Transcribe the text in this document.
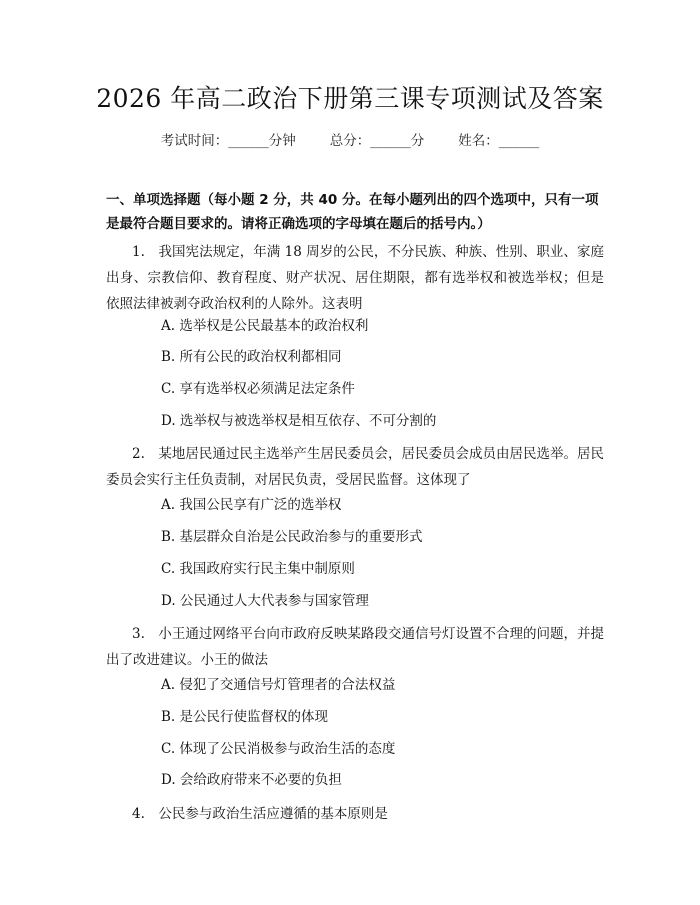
2026 年高二政治下册第三课专项测试及答案
考试时间：______分钟	总分：______分	姓名：______
一、单项选择题（每小题 2 分，共 40 分。在每小题列出的四个选项中，只有一项是最符合题目要求的。请将正确选项的字母填在题后的括号内。）
1.　我国宪法规定，年满 18 周岁的公民，不分民族、种族、性别、职业、家庭出身、宗教信仰、教育程度、财产状况、居住期限，都有选举权和被选举权；但是依照法律被剥夺政治权利的人除外。这表明
A. 选举权是公民最基本的政治权利
B. 所有公民的政治权利都相同
C. 享有选举权必须满足法定条件
D. 选举权与被选举权是相互依存、不可分割的
2.　某地居民通过民主选举产生居民委员会，居民委员会成员由居民选举。居民委员会实行主任负责制，对居民负责，受居民监督。这体现了
A. 我国公民享有广泛的选举权
B. 基层群众自治是公民政治参与的重要形式
C. 我国政府实行民主集中制原则
D. 公民通过人大代表参与国家管理
3.　小王通过网络平台向市政府反映某路段交通信号灯设置不合理的问题，并提出了改进建议。小王的做法
A. 侵犯了交通信号灯管理者的合法权益
B. 是公民行使监督权的体现
C. 体现了公民消极参与政治生活的态度
D. 会给政府带来不必要的负担
4.　公民参与政治生活应遵循的基本原则是
